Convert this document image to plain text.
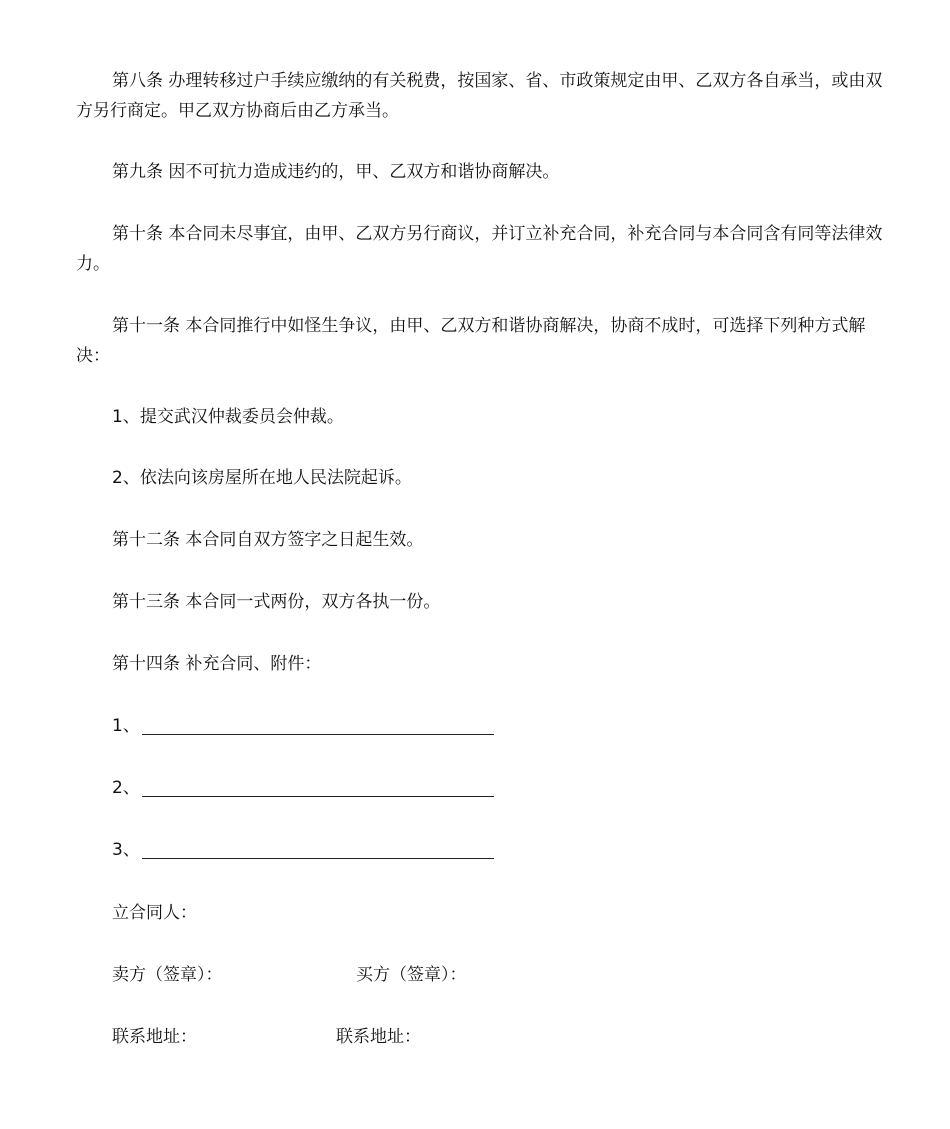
第八条 办理转移过户手续应缴纳的有关税费，按国家、省、市政策规定由甲、乙双方各自承当，或由双方另行商定。甲乙双方协商后由乙方承当。

第九条 因不可抗力造成违约的，甲、乙双方和谐协商解决。

第十条 本合同未尽事宜，由甲、乙双方另行商议，并订立补充合同，补充合同与本合同含有同等法律效力。

第十一条 本合同推行中如怪生争议，由甲、乙双方和谐协商解决，协商不成时，可选择下列种方式解决：

1、提交武汉仲裁委员会仲裁。

2、依法向该房屋所在地人民法院起诉。

第十二条 本合同自双方签字之日起生效。

第十三条 本合同一式两份，双方各执一份。

第十四条 补充合同、附件：

1、
2、
3、

立合同人：

卖方（签章）：	买方（签章）：

联系地址：	联系地址：
